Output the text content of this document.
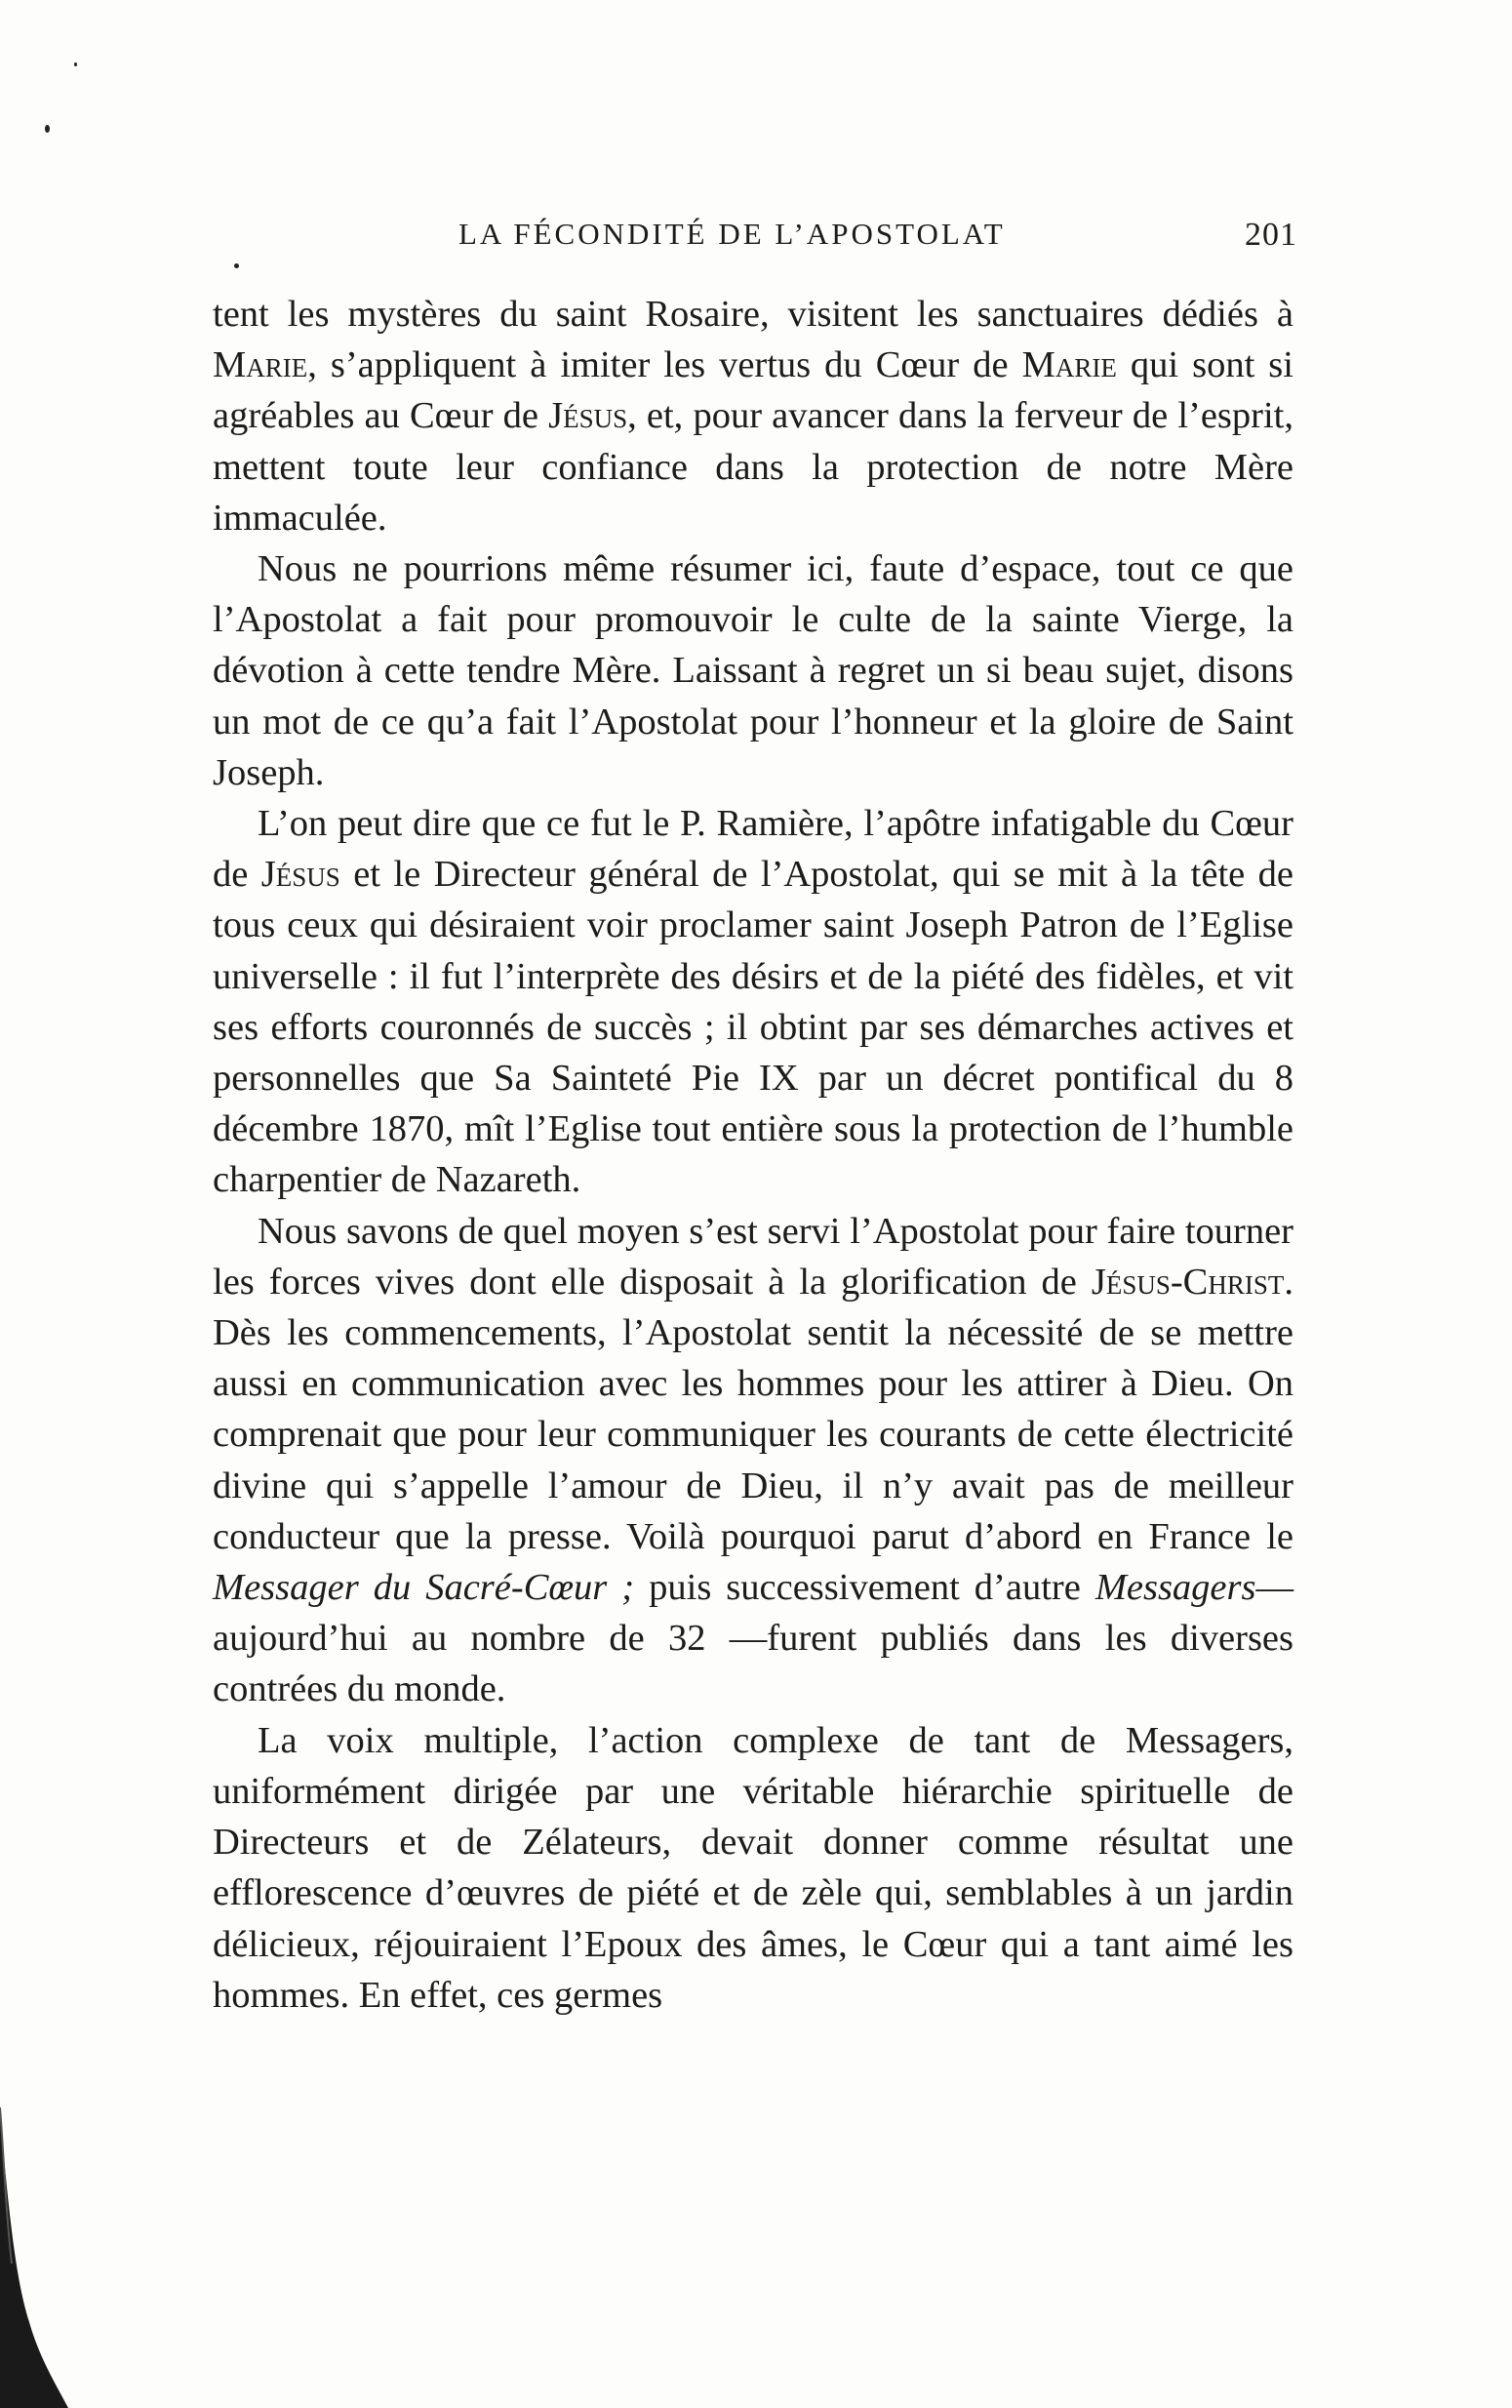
LA FÉCONDITÉ DE L’APOSTOLAT	201

tent les mystères du saint Rosaire, visitent les sanctuaires dédiés à Marie, s’appliquent à imiter les vertus du Cœur de Marie qui sont si agréables au Cœur de Jésus, et, pour avancer dans la ferveur de l’esprit, mettent toute leur confiance dans la protection de notre Mère immaculée.

Nous ne pourrions même résumer ici, faute d’espace, tout ce que l’Apostolat a fait pour promouvoir le culte de la sainte Vierge, la dévotion à cette tendre Mère. Laissant à regret un si beau sujet, disons un mot de ce qu’a fait l’Apostolat pour l’honneur et la gloire de Saint Joseph.

L’on peut dire que ce fut le P. Ramière, l’apôtre infatigable du Cœur de Jésus et le Directeur général de l’Apostolat, qui se mit à la tête de tous ceux qui désiraient voir proclamer saint Joseph Patron de l’Eglise universelle : il fut l’interprète des désirs et de la piété des fidèles, et vit ses efforts couronnés de succès ; il obtint par ses démarches actives et personnelles que Sa Sainteté Pie IX par un décret pontifical du 8 décembre 1870, mît l’Eglise tout entière sous la protection de l’humble charpentier de Nazareth.

Nous savons de quel moyen s’est servi l’Apostolat pour faire tourner les forces vives dont elle disposait à la glorification de Jésus-Christ. Dès les commencements, l’Apostolat sentit la nécessité de se mettre aussi en communication avec les hommes pour les attirer à Dieu. On comprenait que pour leur communiquer les courants de cette électricité divine qui s’appelle l’amour de Dieu, il n’y avait pas de meilleur conducteur que la presse. Voilà pourquoi parut d’abord en France le Messager du Sacré-Cœur ; puis successivement d’autre Messagers—aujourd’hui au nombre de 32 —furent publiés dans les diverses contrées du monde.

La voix multiple, l’action complexe de tant de Messagers, uniformément dirigée par une véritable hiérarchie spirituelle de Directeurs et de Zélateurs, devait donner comme résultat une efflorescence d’œuvres de piété et de zèle qui, semblables à un jardin délicieux, réjouiraient l’Epoux des âmes, le Cœur qui a tant aimé les hommes. En effet, ces germes
